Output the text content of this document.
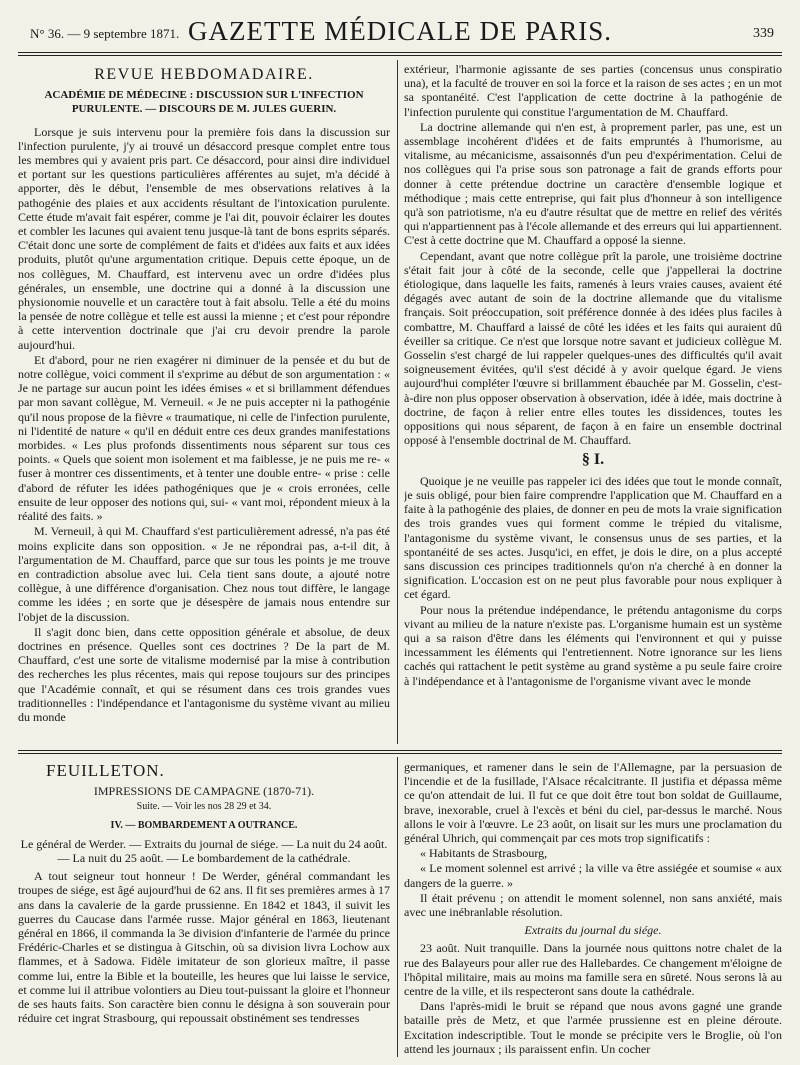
N° 36. — 9 septembre 1871. GAZETTE MÉDICALE DE PARIS.	339
REVUE HEBDOMADAIRE.
ACADÉMIE DE MÉDECINE : DISCUSSION SUR L'INFECTION PURULENTE. — DISCOURS DE M. JULES GUERIN.

Lorsque je suis intervenu pour la première fois dans la discussion sur l'infection purulente, j'y ai trouvé un désaccord presque complet entre tous les membres qui y avaient pris part. Ce désaccord, pour ainsi dire individuel et portant sur les questions particulières afférentes au sujet, m'a décidé à apporter, dès le début, l'ensemble de mes observations relatives à la pathogénie des plaies et aux accidents résultant de l'intoxication purulente. Cette étude m'avait fait espérer, comme je l'ai dit, pouvoir éclairer les doutes et combler les lacunes qui avaient tenu jusque-là tant de bons esprits séparés. C'était donc une sorte de complément de faits et d'idées aux faits et aux idées produits, plutôt qu'une argumentation critique. Depuis cette époque, un de nos collègues, M. Chauffard, est intervenu avec un ordre d'idées plus générales, un ensemble, une doctrine qui a donné à la discussion une physionomie nouvelle et un caractère tout à fait absolu. Telle a été du moins la pensée de notre collègue et telle est aussi la mienne ; et c'est pour répondre à cette intervention doctrinale que j'ai cru devoir prendre la parole aujourd'hui.

Et d'abord, pour ne rien exagérer ni diminuer de la pensée et du but de notre collègue, voici comment il s'exprime au début de son argumentation : « Je ne partage sur aucun point les idées émises « et si brillamment défendues par mon savant collègue, M. Verneuil. « Je ne puis accepter ni la pathogénie qu'il nous propose de la fièvre « traumatique, ni celle de l'infection purulente, ni l'identité de nature « qu'il en déduit entre ces deux grandes manifestations morbides. « Les plus profonds dissentiments nous séparent sur tous ces points. « Quels que soient mon isolement et ma faiblesse, je ne puis me re- « fuser à montrer ces dissentiments, et à tenter une double entre- « prise : celle d'abord de réfuter les idées pathogéniques que je « crois erronées, celle ensuite de leur opposer des notions qui, sui- « vant moi, répondent mieux à la réalité des faits. »

M. Verneuil, à qui M. Chauffard s'est particulièrement adressé, n'a pas été moins explicite dans son opposition. « Je ne répondrai pas, a-t-il dit, à l'argumentation de M. Chauffard, parce que sur tous les points je me trouve en contradiction absolue avec lui. Cela tient sans doute, a ajouté notre collègue, à une différence d'organisation. Chez nous tout diffère, le langage comme les idées ; en sorte que je désespère de jamais nous entendre sur l'objet de la discussion.

Il s'agit donc bien, dans cette opposition générale et absolue, de deux doctrines en présence. Quelles sont ces doctrines ? De la part de M. Chauffard, c'est une sorte de vitalisme modernisé par la mise à contribution des recherches les plus récentes, mais qui repose toujours sur des principes que l'Académie connaît, et qui se résument dans ces trois grandes vues traditionnelles : l'indépendance et l'antagonisme du système vivant au milieu du monde

extérieur, l'harmonie agissante de ses parties (concensus unus conspiratio una), et la faculté de trouver en soi la force et la raison de ses actes ; en un mot sa spontanéité. C'est l'application de cette doctrine à la pathogénie de l'infection purulente qui constitue l'argumentation de M. Chauffard.

La doctrine allemande qui n'en est, à proprement parler, pas une, est un assemblage incohérent d'idées et de faits empruntés à l'humorisme, au vitalisme, au mécanicisme, assaisonnés d'un peu d'expérimentation. Celui de nos collègues qui l'a prise sous son patronage a fait de grands efforts pour donner à cette prétendue doctrine un caractère d'ensemble logique et méthodique ; mais cette entreprise, qui fait plus d'honneur à son intelligence qu'à son patriotisme, n'a eu d'autre résultat que de mettre en relief des vérités qui n'appartiennent pas à l'école allemande et des erreurs qui lui appartiennent. C'est à cette doctrine que M. Chauffard a opposé la sienne.

Cependant, avant que notre collègue prît la parole, une troisième doctrine s'était fait jour à côté de la seconde, celle que j'appellerai la doctrine étiologique, dans laquelle les faits, ramenés à leurs vraies causes, avaient été dégagés avec autant de soin de la doctrine allemande que du vitalisme français. Soit préoccupation, soit préférence donnée à des idées plus faciles à combattre, M. Chauffard a laissé de côté les idées et les faits qui auraient dû éveiller sa critique. Ce n'est que lorsque notre savant et judicieux collègue M. Gosselin s'est chargé de lui rappeler quelques-unes des difficultés qu'il avait soigneusement évitées, qu'il s'est décidé à y avoir quelque égard. Je viens aujourd'hui compléter l'œuvre si brillamment ébauchée par M. Gosselin, c'est-à-dire non plus opposer observation à observation, idée à idée, mais doctrine à doctrine, de façon à relier entre elles toutes les dissidences, toutes les oppositions qui nous séparent, de façon à en faire un ensemble doctrinal opposé à l'ensemble doctrinal de M. Chauffard.

§ I.

Quoique je ne veuille pas rappeler ici des idées que tout le monde connaît, je suis obligé, pour bien faire comprendre l'application que M. Chauffard en a faite à la pathogénie des plaies, de donner en peu de mots la vraie signification des trois grandes vues qui forment comme le trépied du vitalisme, l'antagonisme du système vivant, le consensus unus de ses parties, et la spontanéité de ses actes. Jusqu'ici, en effet, je dois le dire, on a plus accepté sans discussion ces principes traditionnels qu'on n'a cherché à en donner la signification. L'occasion est on ne peut plus favorable pour nous expliquer à cet égard.

Pour nous la prétendue indépendance, le prétendu antagonisme du corps vivant au milieu de la nature n'existe pas. L'organisme humain est un système qui a sa raison d'être dans les éléments qui l'environnent et qui y puisse incessamment les éléments qui l'entretiennent. Notre ignorance sur les liens cachés qui rattachent le petit système au grand système a pu seule faire croire à l'indépendance et à l'antagonisme de l'organisme vivant avec le monde

FEUILLETON.
IMPRESSIONS DE CAMPAGNE (1870-71).
Suite. — Voir les nos 28 29 et 34.
IV. — BOMBARDEMENT A OUTRANCE.

Le général de Werder. — Extraits du journal de siége. — La nuit du 24 août. — La nuit du 25 août. — Le bombardement de la cathédrale.

A tout seigneur tout honneur ! De Werder, général commandant les troupes de siége, est âgé aujourd'hui de 62 ans. Il fit ses premières armes à 17 ans dans la cavalerie de la garde prussienne. En 1842 et 1843, il suivit les guerres du Caucase dans l'armée russe. Major général en 1863, lieutenant général en 1866, il commanda la 3e division d'infanterie de l'armée du prince Frédéric-Charles et se distingua à Gitschin, où sa division livra Lochow aux flammes, et à Sadowa. Fidèle imitateur de son glorieux maître, il passe comme lui, entre la Bible et la bouteille, les heures que lui laisse le service, et comme lui il attribue volontiers au Dieu tout-puissant la gloire et l'honneur de ses hauts faits. Son caractère bien connu le désigna à son souverain pour réduire cet ingrat Strasbourg, qui repoussait obstinément ses tendresses

germaniques, et ramener dans le sein de l'Allemagne, par la persuasion de l'incendie et de la fusillade, l'Alsace récalcitrante. Il justifia et dépassa même ce qu'on attendait de lui. Il fut ce que doit être tout bon soldat de Guillaume, brave, inexorable, cruel à l'excès et béni du ciel, par-dessus le marché. Nous allons le voir à l'œuvre. Le 23 août, on lisait sur les murs une proclamation du général Uhrich, qui commençait par ces mots trop significatifs :

« Habitants de Strasbourg,

« Le moment solennel est arrivé ; la ville va être assiégée et soumise « aux dangers de la guerre. »

Il était prévenu ; on attendit le moment solennel, non sans anxiété, mais avec une inébranlable résolution.

Extraits du journal du siége.

23 août. Nuit tranquille. Dans la journée nous quittons notre chalet de la rue des Balayeurs pour aller rue des Hallebardes. Ce changement m'éloigne de l'hôpital militaire, mais au moins ma famille sera en sûreté. Nous serons là au centre de la ville, et ils respecteront sans doute la cathédrale.

Dans l'après-midi le bruit se répand que nous avons gagné une grande bataille près de Metz, et que l'armée prussienne est en pleine déroute. Excitation indescriptible. Tout le monde se précipite vers le Broglie, où l'on attend les journaux ; ils paraissent enfin. Un cocher
